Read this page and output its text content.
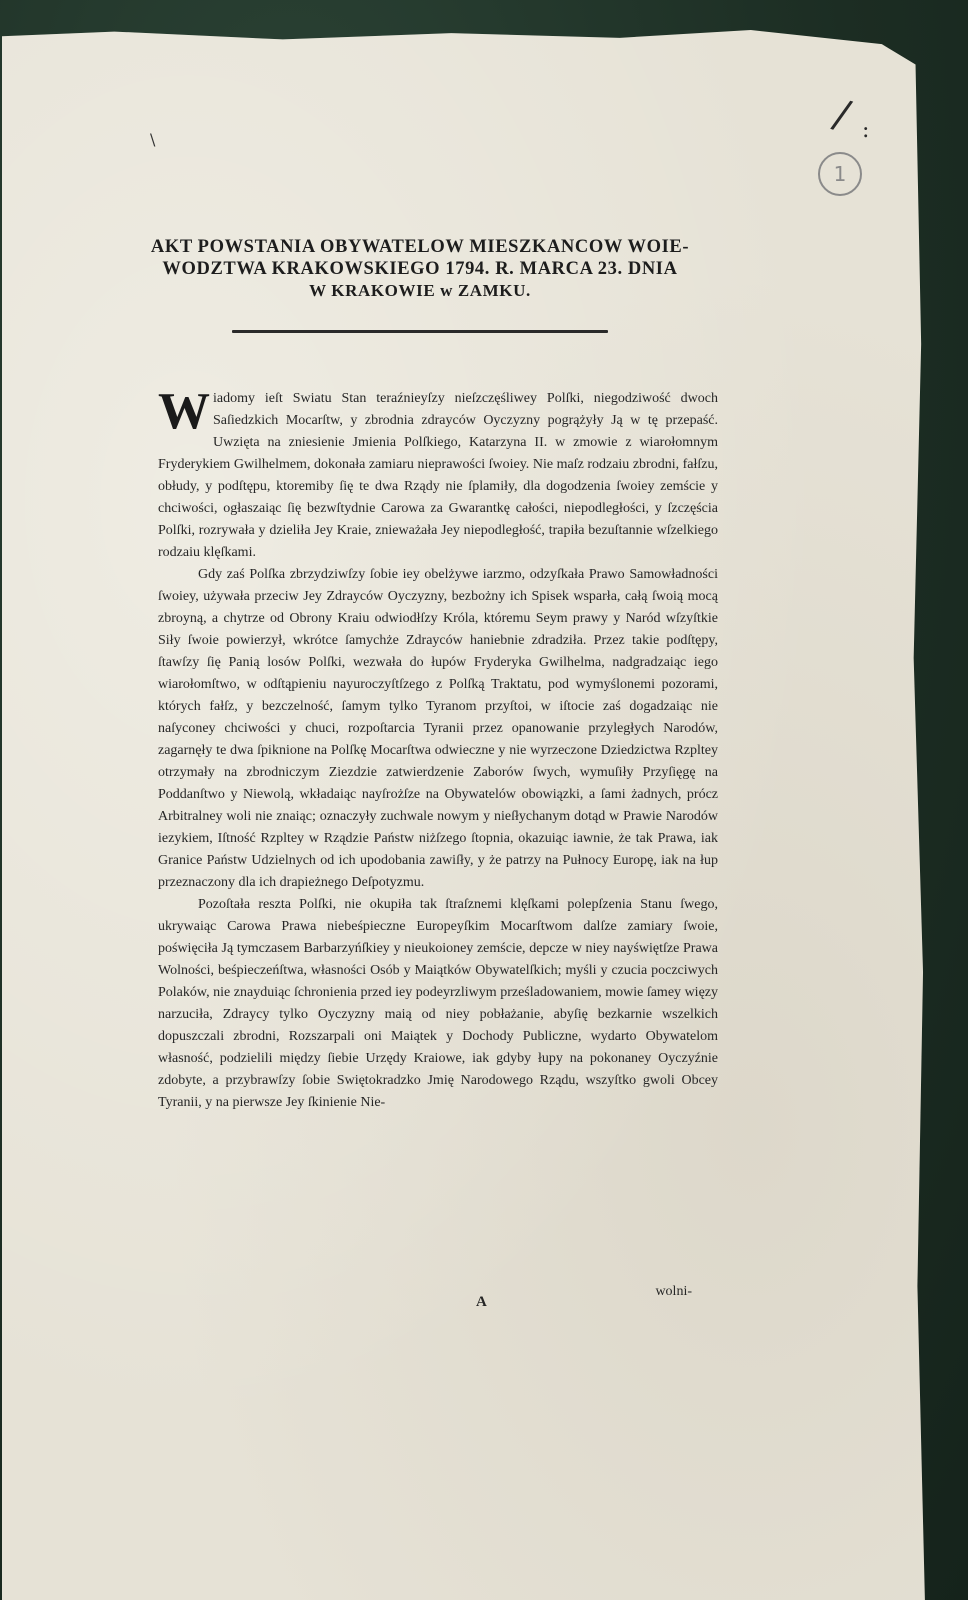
/ :
1
\
AKT POWSTANIA OBYWATELOW MIESZKANCOW WOIE-
WODZTWA KRAKOWSKIEGO 1794. R. MARCA 23. DNIA
W KRAKOWIE w ZAMKU.

Wiadomy ieſt Swiatu Stan teraźnieyſzy nieſzczęśliwey Polſki, niegodziwość dwoch Saſiedzkich Mocarſtw, y zbrodnia zdrayców Oyczyzny pogrążyły Ją w tę przepaść. Uwzięta na zniesienie Jmienia Polſkiego, Katarzyna II. w zmowie z wiarołomnym Fryderykiem Gwilhelmem, dokonała zamiaru nieprawości ſwoiey. Nie maſz rodzaiu zbrodni, fałſzu, obłudy, y podſtępu, ktoremiby ſię te dwa Rządy nie ſplamiły, dla dogodzenia ſwoiey zemście y chciwości, ogłaszaiąc ſię bezwſtydnie Carowa za Gwarantkę całości, niepodległości, y ſzczęścia Polſki, rozrywała y dzieliła Jey Kraie, znieważała Jey niepodległość, trapiła bezuſtannie wſzelkiego rodzaiu klęſkami.

Gdy zaś Polſka zbrzydziwſzy ſobie iey obelżywe iarzmo, odzyſkała Prawo Samowładności ſwoiey, używała przeciw Jey Zdrayców Oyczyzny, bezbożny ich Spisek wsparła, całą ſwoią mocą zbroyną, a chytrze od Obrony Kraiu odwiodłſzy Króla, któremu Seym prawy y Naród wſzyſtkie Siły ſwoie powierzył, wkrótce ſamychże Zdrayców haniebnie zdradziła. Przez takie podſtępy, ſtawſzy ſię Panią losów Polſki, wezwała do łupów Fryderyka Gwilhelma, nadgradzaiąc iego wiarołomſtwo, w odſtąpieniu nayuroczyſtſzego z Polſką Traktatu, pod wymyślonemi pozorami, których fałſz, y bezczelność, ſamym tylko Tyranom przyſtoi, w iſtocie zaś dogadzaiąc nie naſyconey chciwości y chuci, rozpoſtarcia Tyranii przez opanowanie przyległych Narodów, zagarnęły te dwa ſpiknione na Polſkę Mocarſtwa odwieczne y nie wyrzeczone Dziedzictwa Rzpltey otrzymały na zbrodniczym Ziezdzie zatwierdzenie Zaborów ſwych, wymuſiły Przyſięgę na Poddanſtwo y Niewolą, wkładaiąc nayſrożſze na Obywatelów obowiązki, a ſami żadnych, prócz Arbitralney woli nie znaiąc; oznaczyły zuchwale nowym y nieſłychanym dotąd w Prawie Narodów iezykiem, Iſtność Rzpltey w Rządzie Państw niżſzego ſtopnia, okazuiąc iawnie, że tak Prawa, iak Granice Państw Udzielnych od ich upodobania zawiſły, y że patrzy na Pułnocy Europę, iak na łup przeznaczony dla ich drapieżnego Deſpotyzmu.

Pozoſtała reszta Polſki, nie okupiła tak ſtraſznemi klęſkami polepſzenia Stanu ſwego, ukrywaiąc Carowa Prawa niebeśpieczne Europeyſkim Mocarſtwom dalſze zamiary ſwoie, poświęciła Ją tymczasem Barbarzyńſkiey y nieukoioney zemście, depcze w niey nayświętſze Prawa Wolności, beśpieczeńſtwa, własności Osób y Maiątków Obywatelſkich; myśli y czucia poczciwych Polaków, nie znayduiąc ſchronienia przed iey podeyrzliwym prześladowaniem, mowie ſamey więzy narzuciła, Zdraycy tylko Oyczyzny maią od niey pobłażanie, abyſię bezkarnie wszelkich dopuszczali zbrodni, Rozszarpali oni Maiątek y Dochody Publiczne, wydarto Obywatelom własność, podzielili między ſiebie Urzędy Kraiowe, iak gdyby łupy na pokonaney Oyczyźnie zdobyte, a przybrawſzy ſobie Swiętokradzko Jmię Narodowego Rządu, wszyſtko gwoli Obcey Tyranii, y na pierwsze Jey ſkinienie Nie-

A
wolni-
